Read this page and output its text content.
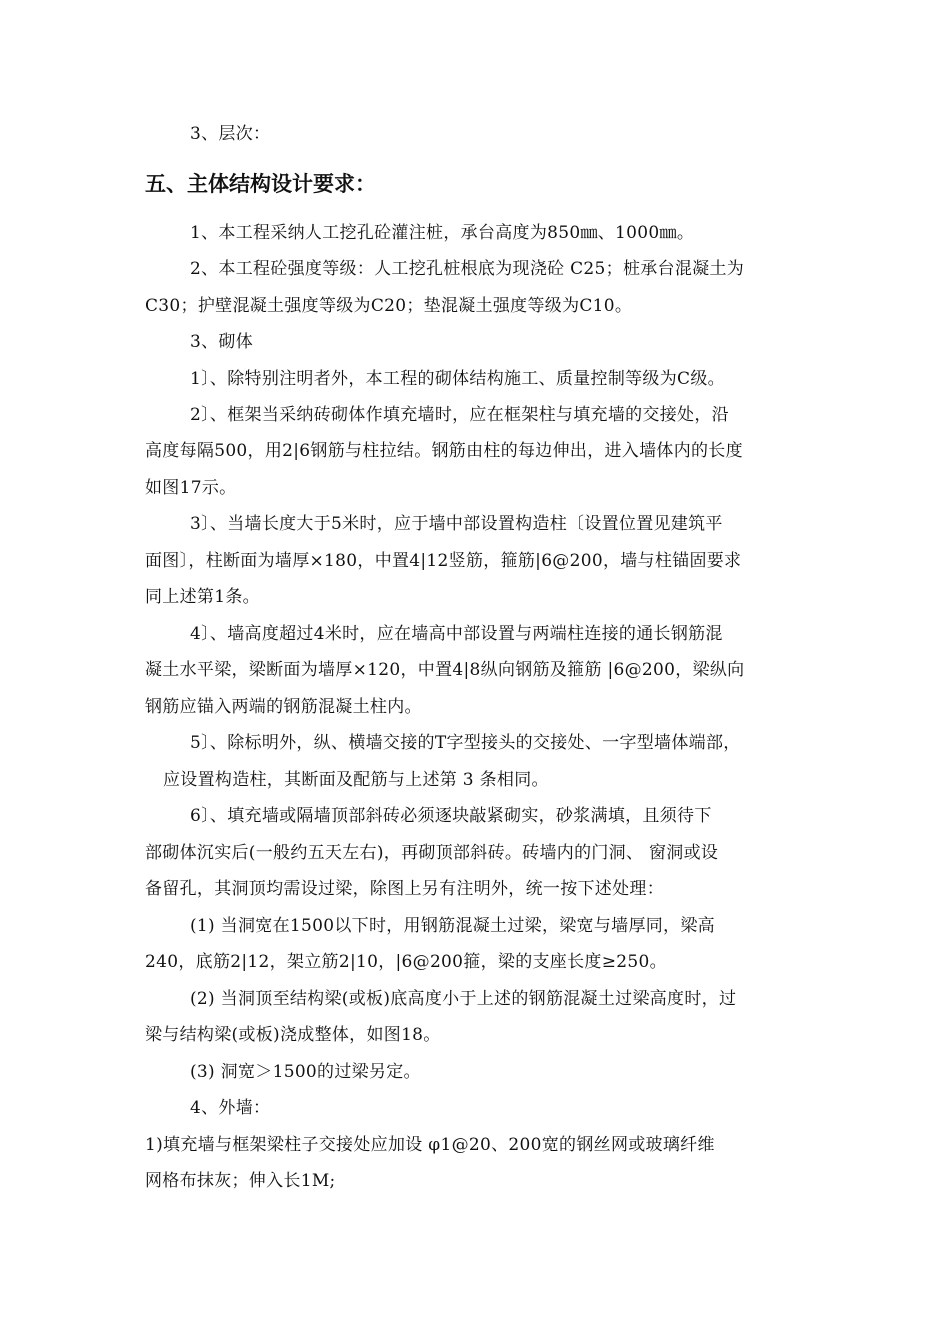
3、层次：
五、主体结构设计要求：
1、本工程采纳人工挖孔砼灌注桩，承台高度为850㎜、1000㎜。
2、本工程砼强度等级：人工挖孔桩根底为现浇砼 C25；桩承台混凝土为
C30；护壁混凝土强度等级为C20；垫混凝土强度等级为C10。
3、砌体
1〕、除特别注明者外，本工程的砌体结构施工、质量控制等级为C级。
2〕、框架当采纳砖砌体作填充墙时，应在框架柱与填充墙的交接处，沿
高度每隔500，用2|6钢筋与柱拉结。钢筋由柱的每边伸出，进入墙体内的长度
如图17示。
3〕、当墙长度大于5米时，应于墙中部设置构造柱〔设置位置见建筑平
面图〕，柱断面为墙厚×180，中置4|12竖筋，箍筋|6@200，墙与柱锚固要求
同上述第1条。
4〕、墙高度超过4米时，应在墙高中部设置与两端柱连接的通长钢筋混
凝土水平梁，梁断面为墙厚×120，中置4|8纵向钢筋及箍筋 |6@200，梁纵向
钢筋应锚入两端的钢筋混凝土柱内。
5〕、除标明外，纵、横墙交接的T字型接头的交接处、一字型墙体端部，
应设置构造柱，其断面及配筋与上述第 3 条相同。
6〕、填充墙或隔墙顶部斜砖必须逐块敲紧砌实，砂浆满填，且须待下
部砌体沉实后(一般约五天左右)，再砌顶部斜砖。砖墙内的门洞、 窗洞或设
备留孔，其洞顶均需设过梁，除图上另有注明外，统一按下述处理：
(1) 当洞宽在1500以下时，用钢筋混凝土过梁，梁宽与墙厚同，梁高
240，底筋2|12，架立筋2|10，|6@200箍，梁的支座长度≥250。
(2) 当洞顶至结构梁(或板)底高度小于上述的钢筋混凝土过梁高度时，过
梁与结构梁(或板)浇成整体，如图18。
(3) 洞宽＞1500的过梁另定。
4、外墙：
1)填充墙与框架梁柱子交接处应加设 φ1@20、200宽的钢丝网或玻璃纤维
网格布抹灰；伸入长1M;
